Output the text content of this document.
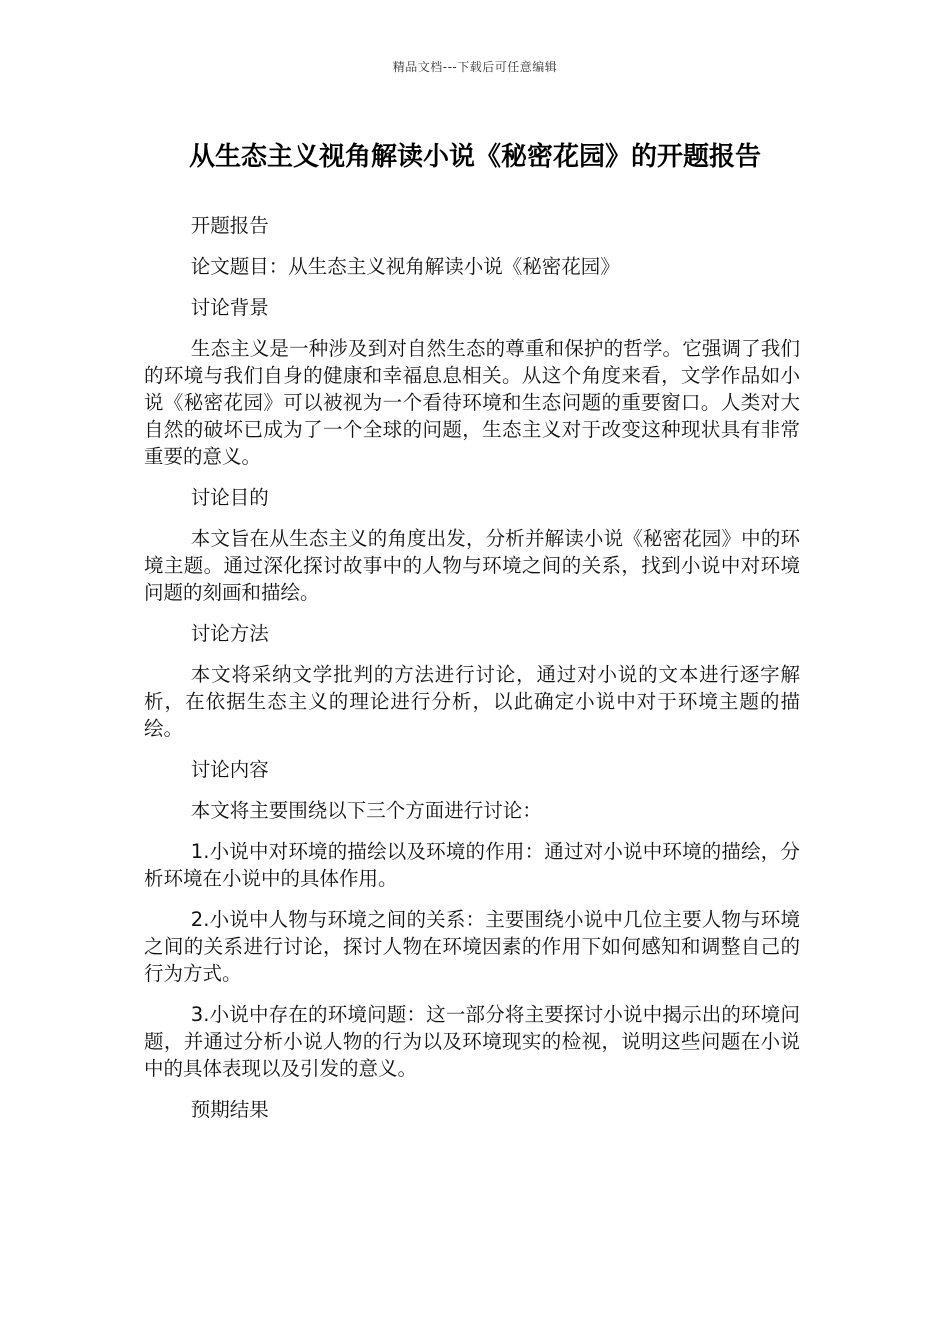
精品文档---下载后可任意编辑
从生态主义视角解读小说《秘密花园》的开题报告

开题报告

论文题目：从生态主义视角解读小说《秘密花园》

讨论背景

生态主义是一种涉及到对自然生态的尊重和保护的哲学。它强调了我们的环境与我们自身的健康和幸福息息相关。从这个角度来看，文学作品如小说《秘密花园》可以被视为一个看待环境和生态问题的重要窗口。人类对大自然的破坏已成为了一个全球的问题，生态主义对于改变这种现状具有非常重要的意义。

讨论目的

本文旨在从生态主义的角度出发，分析并解读小说《秘密花园》中的环境主题。通过深化探讨故事中的人物与环境之间的关系，找到小说中对环境问题的刻画和描绘。

讨论方法

本文将采纳文学批判的方法进行讨论，通过对小说的文本进行逐字解析，在依据生态主义的理论进行分析，以此确定小说中对于环境主题的描绘。

讨论内容

本文将主要围绕以下三个方面进行讨论：

1.小说中对环境的描绘以及环境的作用：通过对小说中环境的描绘，分析环境在小说中的具体作用。

2.小说中人物与环境之间的关系：主要围绕小说中几位主要人物与环境之间的关系进行讨论，探讨人物在环境因素的作用下如何感知和调整自己的行为方式。

3.小说中存在的环境问题：这一部分将主要探讨小说中揭示出的环境问题，并通过分析小说人物的行为以及环境现实的检视，说明这些问题在小说中的具体表现以及引发的意义。

预期结果
